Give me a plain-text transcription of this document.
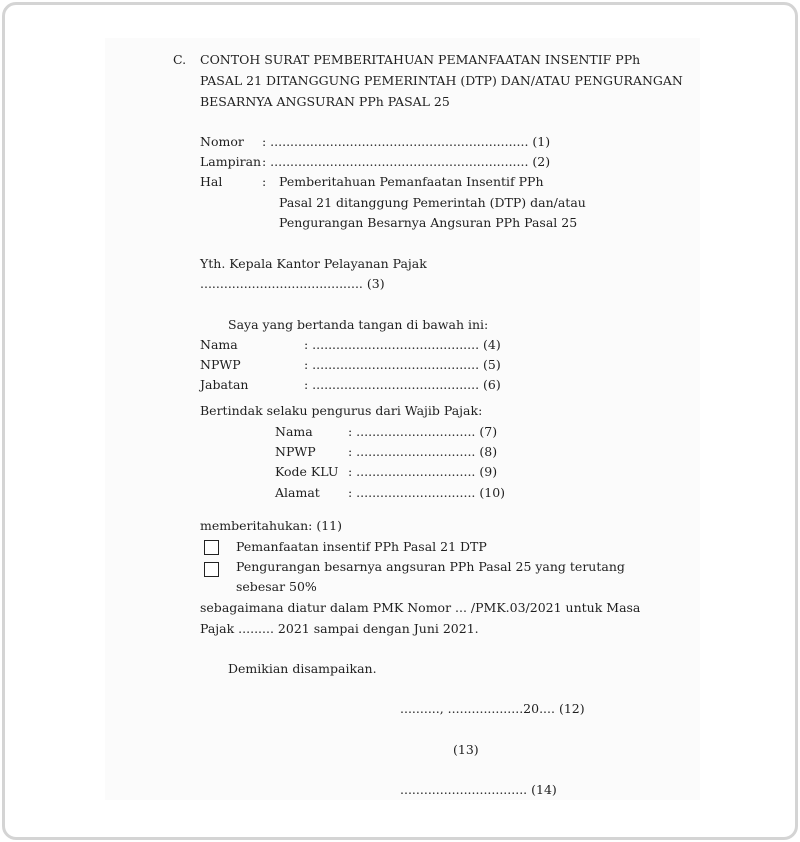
C. CONTOH SURAT PEMBERITAHUAN PEMANFAATAN INSENTIF PPh
PASAL 21 DITANGGUNG PEMERINTAH (DTP) DAN/ATAU PENGURANGAN
BESARNYA ANGSURAN PPh PASAL 25
Nomor : ................................................................. (1)
Lampiran : ................................................................. (2)
Hal	: Pemberitahuan Pemanfaatan Insentif PPh
Pasal 21 ditanggung Pemerintah (DTP) dan/atau
Pengurangan Besarnya Angsuran PPh Pasal 25
Yth. Kepala Kantor Pelayanan Pajak
......................................... (3)
Saya yang bertanda tangan di bawah ini:
Nama	: .......................................... (4)
NPWP	: .......................................... (5)
Jabatan	: .......................................... (6)
Bertindak selaku pengurus dari Wajib Pajak:
Nama	: .............................. (7)
NPWP	: .............................. (8)
Kode KLU : .............................. (9)
Alamat : .............................. (10)
memberitahukan: (11)
Pemanfaatan insentif PPh Pasal 21 DTP
Pengurangan besarnya angsuran PPh Pasal 25 yang terutang
sebesar 50%
sebagaimana diatur dalam PMK Nomor ... /PMK.03/2021 untuk Masa
Pajak ......... 2021 sampai dengan Juni 2021.
Demikian disampaikan.
.........., ...................20.... (12)
(13)
................................ (14)
